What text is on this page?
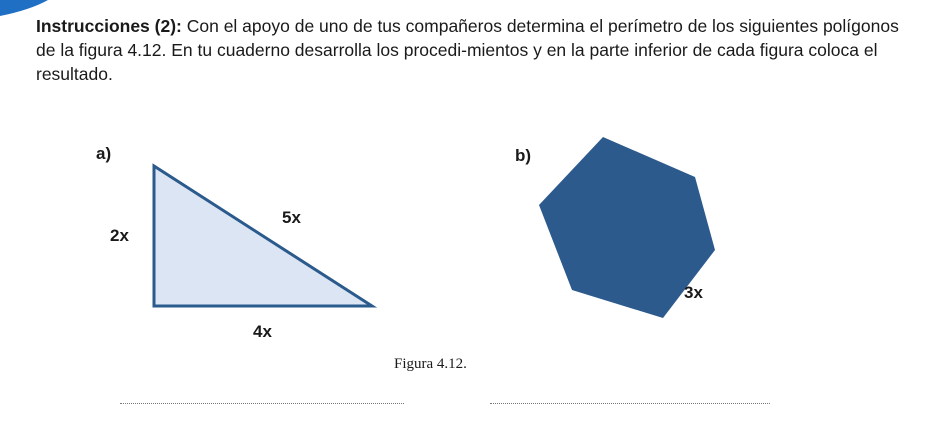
Instrucciones (2): Con el apoyo de uno de tus compañeros determina el perímetro de los siguientes polígonos de la figura 4.12. En tu cuaderno desarrolla los procedi-mientos y en la parte inferior de cada figura coloca el resultado.

a)
2x
5x
4x
b)
3x
Figura 4.12.
